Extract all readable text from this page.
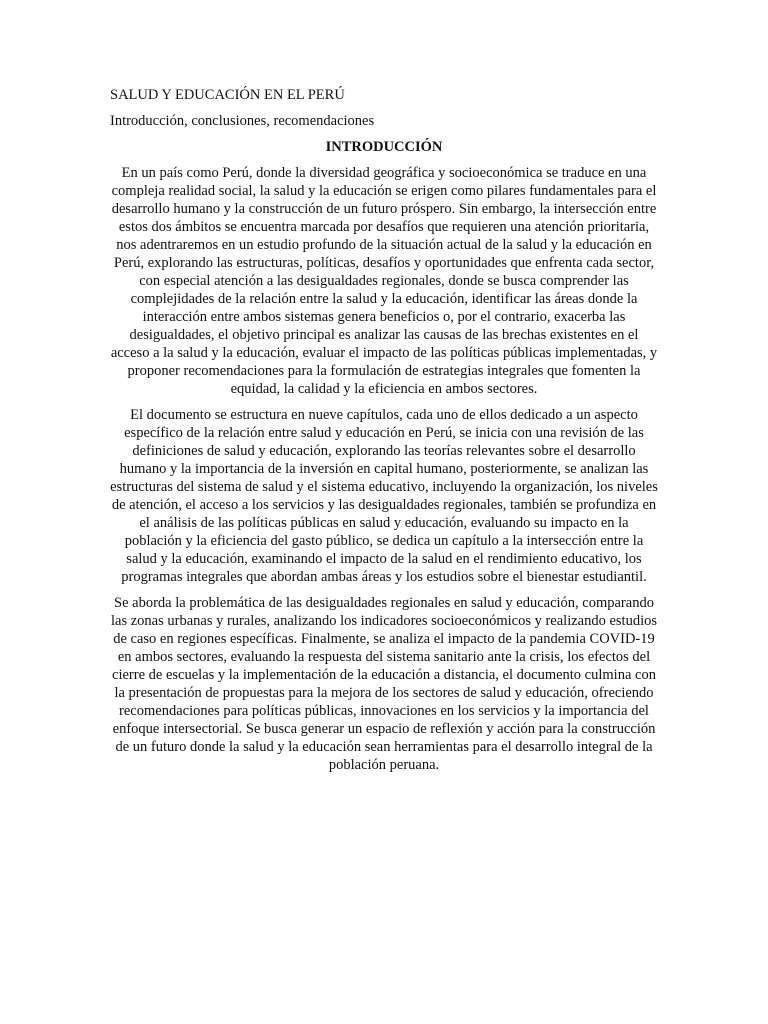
SALUD Y EDUCACIÓN EN EL PERÚ

Introducción, conclusiones, recomendaciones

INTRODUCCIÓN

En un país como Perú, donde la diversidad geográfica y socioeconómica se traduce en una compleja realidad social, la salud y la educación se erigen como pilares fundamentales para el desarrollo humano y la construcción de un futuro próspero. Sin embargo, la intersección entre estos dos ámbitos se encuentra marcada por desafíos que requieren una atención prioritaria, nos adentraremos en un estudio profundo de la situación actual de la salud y la educación en Perú, explorando las estructuras, políticas, desafíos y oportunidades que enfrenta cada sector, con especial atención a las desigualdades regionales, donde se busca comprender las complejidades de la relación entre la salud y la educación, identificar las áreas donde la interacción entre ambos sistemas genera beneficios o, por el contrario, exacerba las desigualdades, el objetivo principal es analizar las causas de las brechas existentes en el acceso a la salud y la educación, evaluar el impacto de las políticas públicas implementadas, y proponer recomendaciones para la formulación de estrategias integrales que fomenten la equidad, la calidad y la eficiencia en ambos sectores.

El documento se estructura en nueve capítulos, cada uno de ellos dedicado a un aspecto específico de la relación entre salud y educación en Perú, se inicia con una revisión de las definiciones de salud y educación, explorando las teorías relevantes sobre el desarrollo humano y la importancia de la inversión en capital humano, posteriormente, se analizan las estructuras del sistema de salud y el sistema educativo, incluyendo la organización, los niveles de atención, el acceso a los servicios y las desigualdades regionales, también se profundiza en el análisis de las políticas públicas en salud y educación, evaluando su impacto en la población y la eficiencia del gasto público, se dedica un capítulo a la intersección entre la salud y la educación, examinando el impacto de la salud en el rendimiento educativo, los programas integrales que abordan ambas áreas y los estudios sobre el bienestar estudiantil.

Se aborda la problemática de las desigualdades regionales en salud y educación, comparando las zonas urbanas y rurales, analizando los indicadores socioeconómicos y realizando estudios de caso en regiones específicas. Finalmente, se analiza el impacto de la pandemia COVID-19 en ambos sectores, evaluando la respuesta del sistema sanitario ante la crisis, los efectos del cierre de escuelas y la implementación de la educación a distancia, el documento culmina con la presentación de propuestas para la mejora de los sectores de salud y educación, ofreciendo recomendaciones para políticas públicas, innovaciones en los servicios y la importancia del enfoque intersectorial. Se busca generar un espacio de reflexión y acción para la construcción de un futuro donde la salud y la educación sean herramientas para el desarrollo integral de la población peruana.
